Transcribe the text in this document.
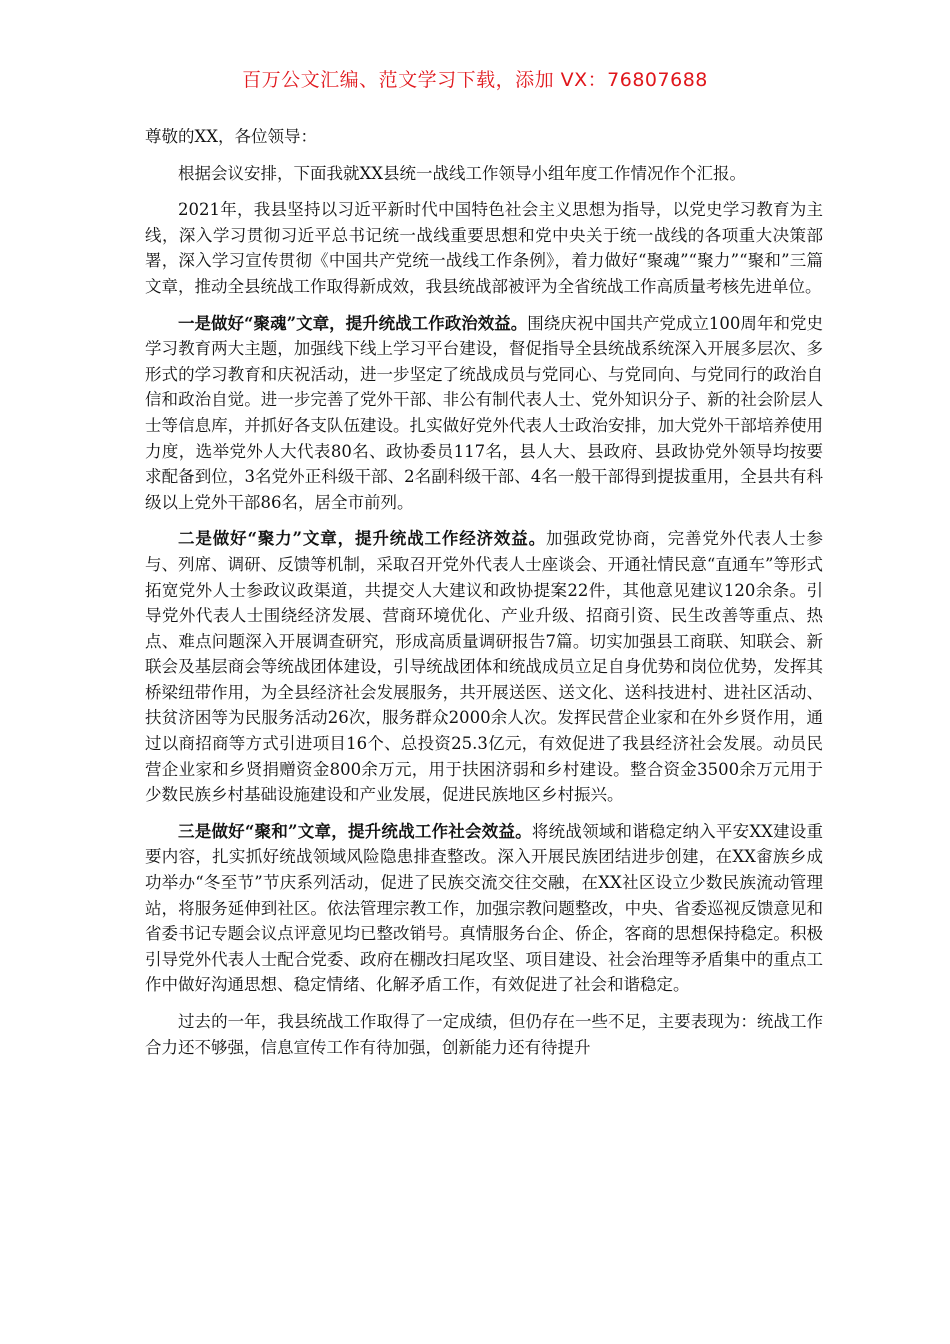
百万公文汇编、范文学习下载，添加 VX：76807688

尊敬的XX，各位领导：

根据会议安排，下面我就XX县统一战线工作领导小组年度工作情况作个汇报。

2021年，我县坚持以习近平新时代中国特色社会主义思想为指导，以党史学习教育为主线，深入学习贯彻习近平总书记统一战线重要思想和党中央关于统一战线的各项重大决策部署，深入学习宣传贯彻《中国共产党统一战线工作条例》，着力做好“聚魂”“聚力”“聚和”三篇文章，推动全县统战工作取得新成效，我县统战部被评为全省统战工作高质量考核先进单位。

一是做好“聚魂”文章，提升统战工作政治效益。围绕庆祝中国共产党成立100周年和党史学习教育两大主题，加强线下线上学习平台建设，督促指导全县统战系统深入开展多层次、多形式的学习教育和庆祝活动，进一步坚定了统战成员与党同心、与党同向、与党同行的政治自信和政治自觉。进一步完善了党外干部、非公有制代表人士、党外知识分子、新的社会阶层人士等信息库，并抓好各支队伍建设。扎实做好党外代表人士政治安排，加大党外干部培养使用力度，选举党外人大代表80名、政协委员117名，县人大、县政府、县政协党外领导均按要求配备到位，3名党外正科级干部、2名副科级干部、4名一般干部得到提拔重用，全县共有科级以上党外干部86名，居全市前列。

二是做好“聚力”文章，提升统战工作经济效益。加强政党协商，完善党外代表人士参与、列席、调研、反馈等机制，采取召开党外代表人士座谈会、开通社情民意“直通车”等形式拓宽党外人士参政议政渠道，共提交人大建议和政协提案22件，其他意见建议120余条。引导党外代表人士围绕经济发展、营商环境优化、产业升级、招商引资、民生改善等重点、热点、难点问题深入开展调查研究，形成高质量调研报告7篇。切实加强县工商联、知联会、新联会及基层商会等统战团体建设，引导统战团体和统战成员立足自身优势和岗位优势，发挥其桥梁纽带作用，为全县经济社会发展服务，共开展送医、送文化、送科技进村、进社区活动、扶贫济困等为民服务活动26次，服务群众2000余人次。发挥民营企业家和在外乡贤作用，通过以商招商等方式引进项目16个、总投资25.3亿元，有效促进了我县经济社会发展。动员民营企业家和乡贤捐赠资金800余万元，用于扶困济弱和乡村建设。整合资金3500余万元用于少数民族乡村基础设施建设和产业发展，促进民族地区乡村振兴。

三是做好“聚和”文章，提升统战工作社会效益。将统战领域和谐稳定纳入平安XX建设重要内容，扎实抓好统战领域风险隐患排查整改。深入开展民族团结进步创建，在XX畲族乡成功举办“冬至节”节庆系列活动，促进了民族交流交往交融，在XX社区设立少数民族流动管理站，将服务延伸到社区。依法管理宗教工作，加强宗教问题整改，中央、省委巡视反馈意见和省委书记专题会议点评意见均已整改销号。真情服务台企、侨企，客商的思想保持稳定。积极引导党外代表人士配合党委、政府在棚改扫尾攻坚、项目建设、社会治理等矛盾集中的重点工作中做好沟通思想、稳定情绪、化解矛盾工作，有效促进了社会和谐稳定。

过去的一年，我县统战工作取得了一定成绩，但仍存在一些不足，主要表现为：统战工作合力还不够强，信息宣传工作有待加强，创新能力还有待提升
